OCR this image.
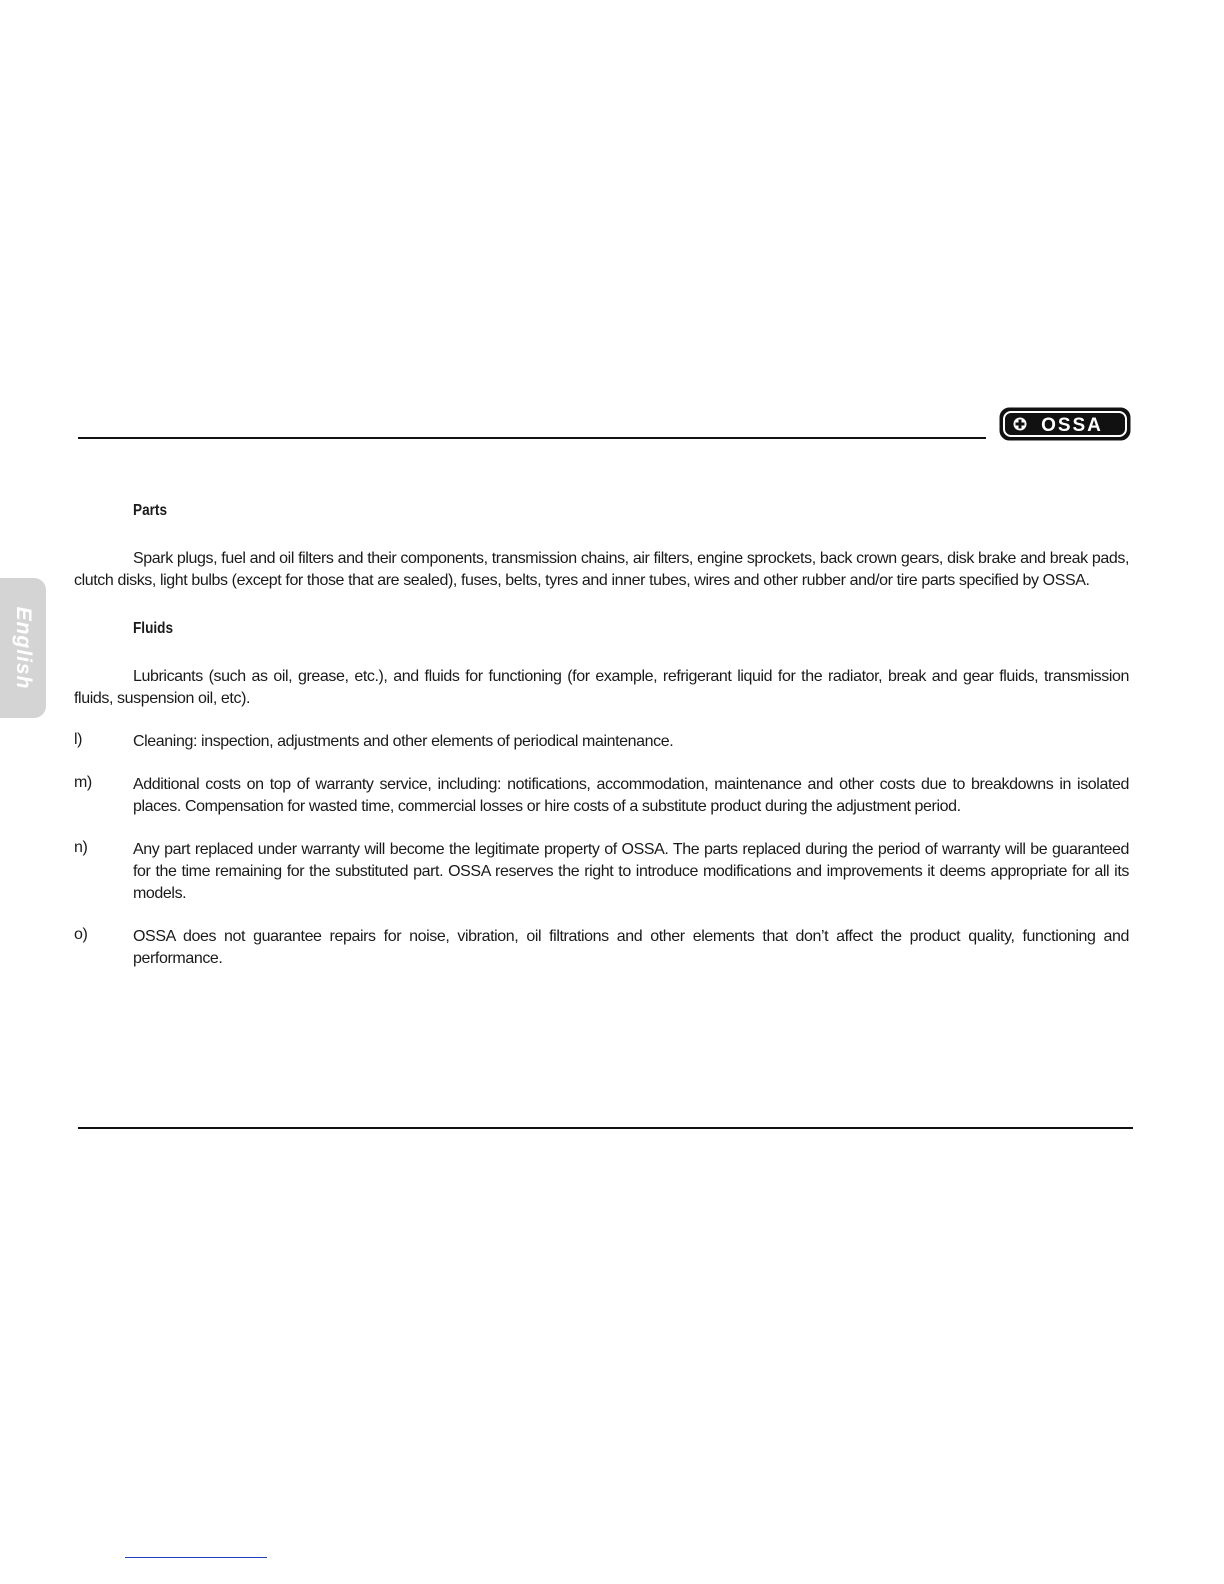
OSSA
English
Parts

Spark plugs, fuel and oil filters and their components, transmission chains, air filters, engine sprockets, back crown gears, disk brake and break pads, clutch disks, light bulbs (except for those that are sealed), fuses, belts, tyres and inner tubes, wires and other rubber and/or tire parts specified by OSSA.

Fluids

Lubricants (such as oil, grease, etc.), and fluids for functioning (for example, refrigerant liquid for the radiator, break and gear fluids, transmission fluids, suspension oil, etc).

l)	Cleaning: inspection, adjustments and other elements of periodical maintenance.
m)	Additional costs on top of warranty service, including: notifications, accommodation, maintenance and other costs due to breakdowns in isolated places. Compensation for wasted time, commercial losses or hire costs of a substitute product during the adjustment period.
n)	Any part replaced under warranty will become the legitimate property of OSSA. The parts replaced during the period of warranty will be guaranteed for the time remaining for the substituted part. OSSA reserves the right to introduce modifications and improvements it deems appropriate for all its models.
o)	OSSA does not guarantee repairs for noise, vibration, oil filtrations and other elements that don’t affect the product quality, functioning and performance.
